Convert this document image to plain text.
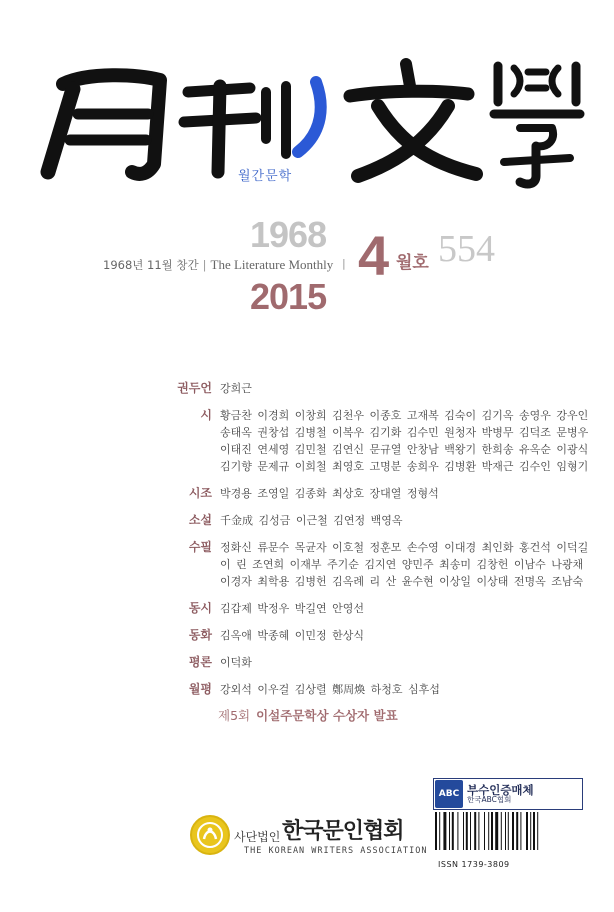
월간문학
1968
1968년 11월 창간 | The Literature Monthly | 4 월호 554
2015
권두언 강희근
시 황금찬 이경희 이창희 김천우 이종호 고재복 김숙이 김기옥 송영우 강우인
송태옥 권창섭 김병철 이복우 김기화 김수민 원청자 박병무 김덕조 문병우
이태진 연세영 김민철 김연신 문규열 안창남 백왕기 한희송 유옥순 이광식
김기향 문제규 이희철 최영호 고명분 송희우 김병환 박재근 김수인 임형기
시조 박경용 조영일 김종화 최상호 장대열 정형석
소설 千金成 김성금 이근철 김연정 백영옥
수필 정화신 류문수 목균자 이호철 정훈모 손수영 이대경 최인화 홍건석 이덕길
이 린 조연희 이재부 주기순 김지연 양민주 최송미 김창헌 이남수 나광채
이경자 최학용 김병헌 김옥례 리 산 윤수현 이상일 이상태 전명옥 조남숙
동시 김갑제 박정우 박길연 안영선
동화 김옥애 박종혜 이민정 한상식
평론 이덕화
월평 강외석 이우걸 김상렬 鄭周煥 하청호 심후섭
제5회 이설주문학상 수상자 발표
사단법인 한국문인협회
THE KOREAN WRITERS ASSOCIATION
ABC 부수인증매체
한국ABC협회
ISSN 1739-3809
